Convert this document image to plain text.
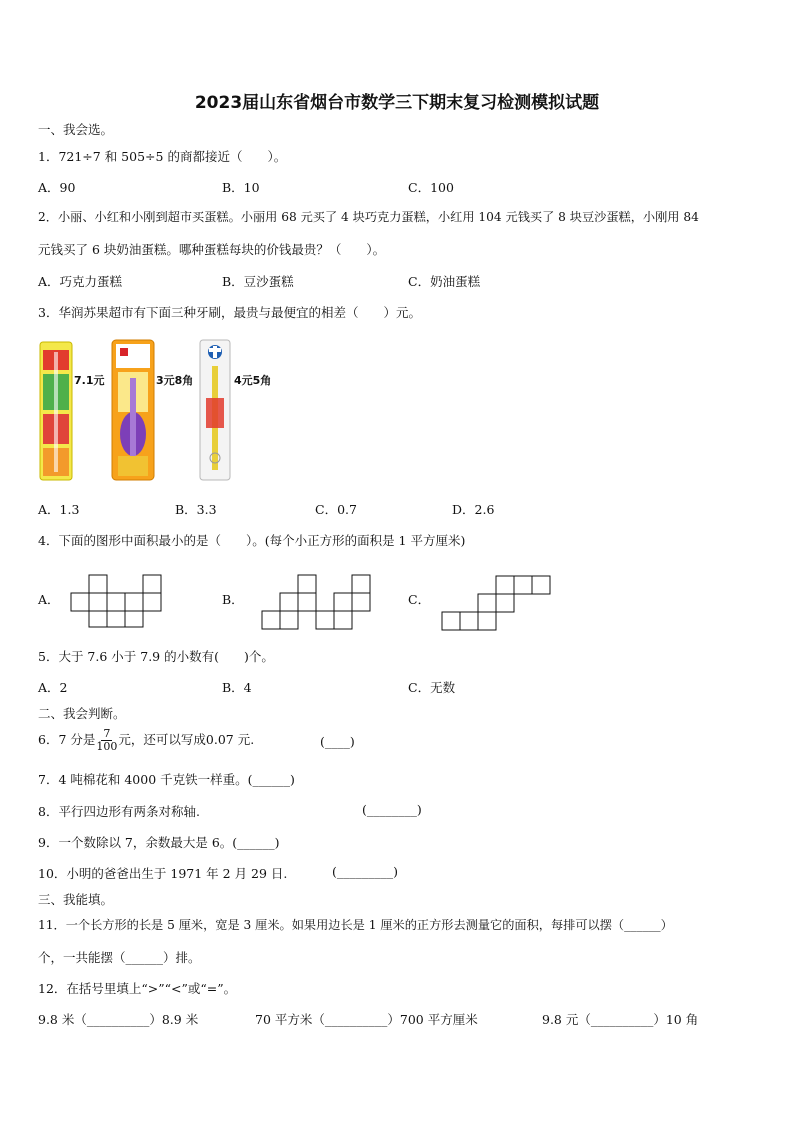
2023届山东省烟台市数学三下期末复习检测模拟试题
一、我会选。
1．721÷7 和 505÷5 的商都接近（　　）。
A．90	B．10	C．100
2．小丽、小红和小刚到超市买蛋糕。小丽用 68 元买了 4 块巧克力蛋糕，小红用 104 元钱买了 8 块豆沙蛋糕，小刚用 84
元钱买了 6 块奶油蛋糕。哪种蛋糕每块的价钱最贵？（　　）。
A．巧克力蛋糕	B．豆沙蛋糕	C．奶油蛋糕
3．华润苏果超市有下面三种牙刷，最贵与最便宜的相差（　　）元。
7.1元	3元8角	4元5角
A．1.3	B．3.3	C．0.7	D．2.6
4．下面的图形中面积最小的是（　　）。(每个小正方形的面积是 1 平方厘米)
A．	B．	C．
5．大于 7.6 小于 7.9 的小数有(　　)个。
A．2	B．4	C．无数
二、我会判断。
6．7 分是 $\frac{7}{100}$ 元，还可以写成0.07 元.	(____)
7．4 吨棉花和 4000 千克铁一样重。(______)
8．平行四边形有两条对称轴.	(________)
9．一个数除以 7，余数最大是 6。(______)
10．小明的爸爸出生于 1971 年 2 月 29 日.	(_________)
三、我能填。
11．一个长方形的长是 5 厘米，宽是 3 厘米。如果用边长是 1 厘米的正方形去测量它的面积，每排可以摆（______）
个，一共能摆（______）排。
12．在括号里填上“>”“<”或“=”。
9.8 米（__________）8.9 米	70 平方米（__________）700 平方厘米	9.8 元（__________）10 角
